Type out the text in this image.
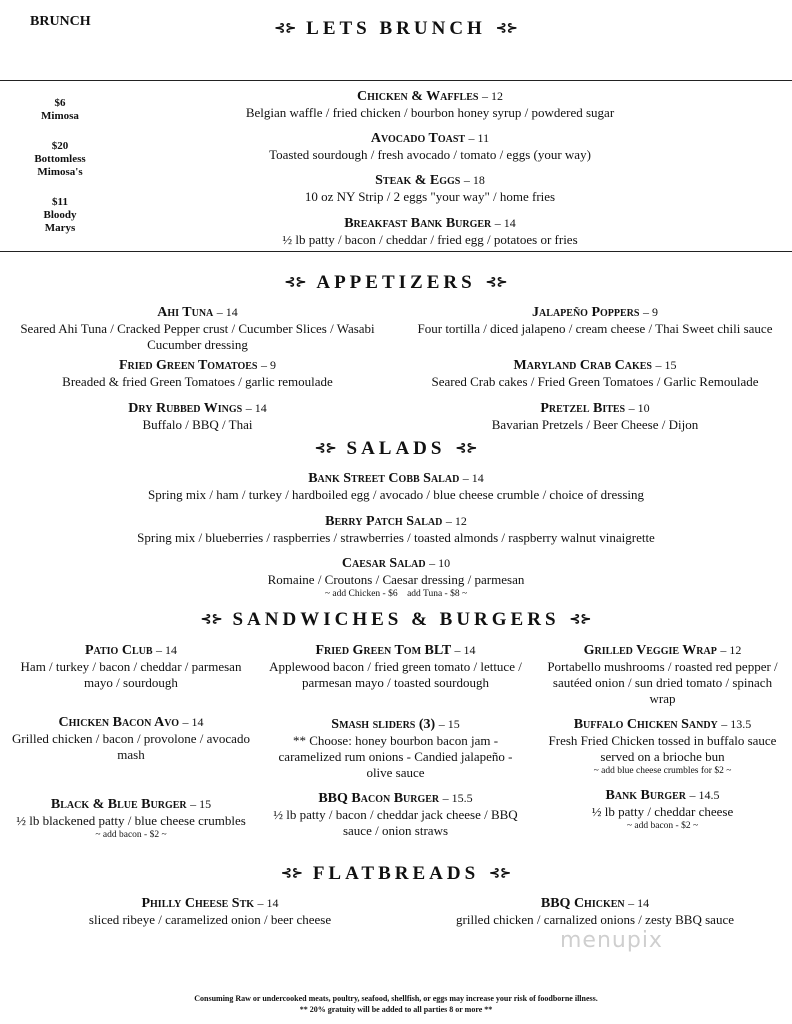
BRUNCH	⊰⊱ LETS BRUNCH ⊰⊱
$6
Mimosa
$20
Bottomless Mimosa's
$11
Bloody Marys
Chicken & Waffles – 12
Belgian waffle / fried chicken / bourbon honey syrup / powdered sugar
Avocado Toast – 11
Toasted sourdough / fresh avocado / tomato / eggs (your way)
Steak & Eggs – 18
10 oz NY Strip / 2 eggs "your way" / home fries
Breakfast Bank Burger – 14
½ lb patty / bacon / cheddar / fried egg / potatoes or fries
⊰⊱ APPETIZERS ⊰⊱
Ahi Tuna – 14
Seared Ahi Tuna / Cracked Pepper crust / Cucumber Slices / Wasabi Cucumber dressing
Fried Green Tomatoes – 9
Breaded & fried Green Tomatoes / garlic remoulade
Dry Rubbed Wings – 14
Buffalo / BBQ / Thai
Jalapeño Poppers – 9
Four tortilla / diced jalapeno / cream cheese / Thai Sweet chili sauce
Maryland Crab Cakes – 15
Seared Crab cakes / Fried Green Tomatoes / Garlic Remoulade
Pretzel Bites – 10
Bavarian Pretzels / Beer Cheese / Dijon
⊰⊱ SALADS ⊰⊱
Bank Street Cobb Salad – 14
Spring mix / ham / turkey / hardboiled egg / avocado / blue cheese crumble / choice of dressing
Berry Patch Salad – 12
Spring mix / blueberries / raspberries / strawberries / toasted almonds / raspberry walnut vinaigrette
Caesar Salad – 10
Romaine / Croutons / Caesar dressing / parmesan
~ add Chicken - $6    add Tuna - $8 ~
⊰⊱ SANDWICHES & BURGERS ⊰⊱
Patio Club – 14
Ham / turkey / bacon / cheddar / parmesan mayo / sourdough
Chicken Bacon Avo – 14
Grilled chicken / bacon / provolone / avocado mash
Black & Blue Burger – 15
½ lb blackened patty / blue cheese crumbles
~ add bacon - $2 ~
Fried Green Tom BLT – 14
Applewood bacon / fried green tomato / lettuce / parmesan mayo / toasted sourdough
Smash sliders (3) – 15
** Choose: honey bourbon bacon jam - caramelized rum onions - Candied jalapeño - olive sauce
BBQ Bacon Burger – 15.5
½ lb patty / bacon / cheddar jack cheese / BBQ sauce / onion straws
Grilled Veggie Wrap – 12
Portabello mushrooms / roasted red pepper / sautéed onion / sun dried tomato / spinach wrap
Buffalo Chicken Sandy – 13.5
Fresh Fried Chicken tossed in buffalo sauce served on a brioche bun
~ add blue cheese crumbles for $2 ~
Bank Burger – 14.5
½ lb patty / cheddar cheese
~ add bacon - $2 ~
⊰⊱ FLATBREADS ⊰⊱
Philly Cheese Stk – 14
sliced ribeye / caramelized onion / beer cheese
BBQ Chicken – 14
grilled chicken / carnalized onions / zesty BBQ sauce
menupix
Consuming Raw or undercooked meats, poultry, seafood, shellfish, or eggs may increase your risk of foodborne illness.
** 20% gratuity will be added to all parties 8 or more **
